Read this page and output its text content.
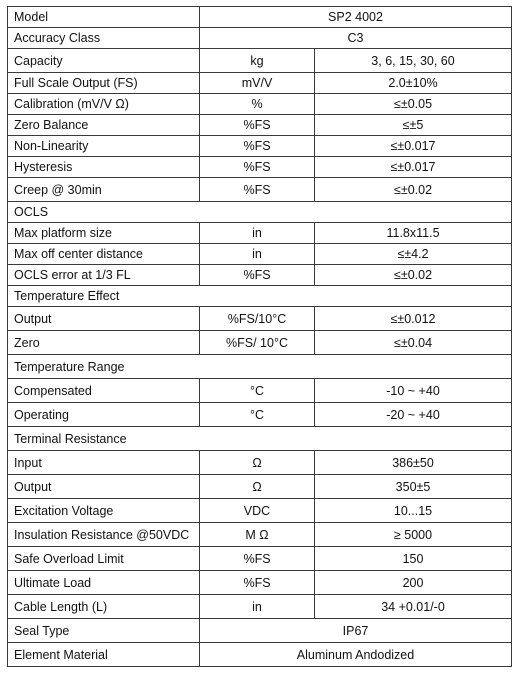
Model	SP2 4002	
Accuracy Class	C3	
Capacity	kg	3, 6, 15, 30, 60
Full Scale Output (FS)	mV/V	2.0±10%
Calibration (mV/V Ω)	%	≤±0.05
Zero Balance	%FS	≤±5
Non-Linearity	%FS	≤±0.017
Hysteresis	%FS	≤±0.017
Creep @ 30min	%FS	≤±0.02
OCLS		
Max platform size	in	11.8x11.5
Max off center distance	in	≤±4.2
OCLS error at 1/3 FL	%FS	≤±0.02
Temperature Effect		
Output	%FS/10°C	≤±0.012
Zero	%FS/ 10°C	≤±0.04
Temperature Range		
Compensated	°C	-10 ~ +40
Operating	°C	-20 ~ +40
Terminal Resistance		
Input	Ω	386±50
Output	Ω	350±5
Excitation Voltage	VDC	10...15
Insulation Resistance @50VDC	M Ω	≥ 5000
Safe Overload Limit	%FS	150
Ultimate Load	%FS	200
Cable Length (L)	in	34 +0.01/-0
Seal Type	IP67	
Element Material	Aluminum Andodized	
